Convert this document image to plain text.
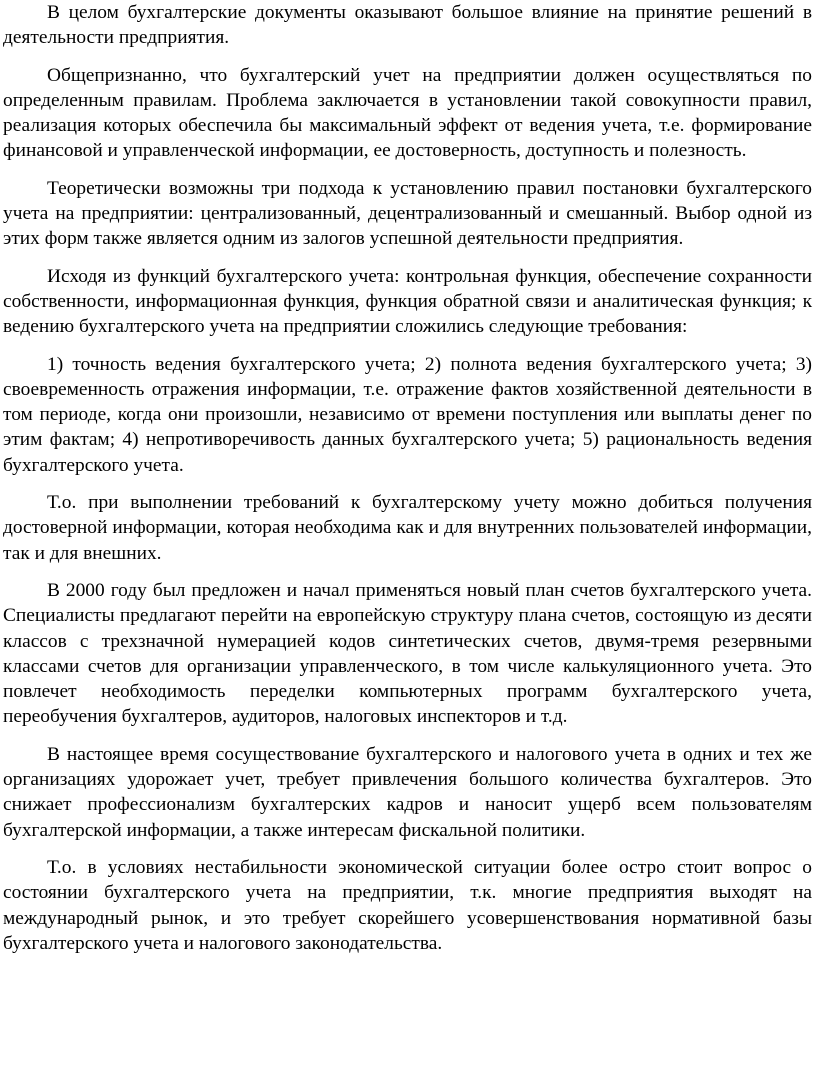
В целом бухгалтерские документы оказывают большое влияние на принятие решений в деятельности предприятия.

Общепризнанно, что бухгалтерский учет на предприятии должен осуществляться по определенным правилам. Проблема заключается в установлении такой совокупности правил, реализация которых обеспечила бы максимальный эффект от ведения учета, т.е. формирование финансовой и управленческой информации, ее достоверность, доступность и полезность.

Теоретически возможны три подхода к установлению правил постановки бухгалтерского учета на предприятии: централизованный, децентрализованный и смешанный. Выбор одной из этих форм также является одним из залогов успешной деятельности предприятия.

Исходя из функций бухгалтерского учета: контрольная функция, обеспечение сохранности собственности, информационная функция, функция обратной связи и аналитическая функция; к ведению бухгалтерского учета на предприятии сложились следующие требования:

1) точность ведения бухгалтерского учета; 2) полнота ведения бухгалтерского учета; 3) своевременность отражения информации, т.е. отражение фактов хозяйственной деятельности в том периоде, когда они произошли, независимо от времени поступления или выплаты денег по этим фактам; 4) непротиворечивость данных бухгалтерского учета; 5) рациональность ведения бухгалтерского учета.

Т.о. при выполнении требований к бухгалтерскому учету можно добиться получения достоверной информации, которая необходима как и для внутренних пользователей информации, так и для внешних.

В 2000 году был предложен и начал применяться новый план счетов бухгалтерского учета. Специалисты предлагают перейти на европейскую структуру плана счетов, состоящую из десяти классов с трехзначной нумерацией кодов синтетических счетов, двумя-тремя резервными классами счетов для организации управленческого, в том числе калькуляционного учета. Это повлечет необходимость переделки компьютерных программ бухгалтерского учета, переобучения бухгалтеров, аудиторов, налоговых инспекторов и т.д.

В настоящее время сосуществование бухгалтерского и налогового учета в одних и тех же организациях удорожает учет, требует привлечения большого количества бухгалтеров. Это снижает профессионализм бухгалтерских кадров и наносит ущерб всем пользователям бухгалтерской информации, а также интересам фискальной политики.

Т.о. в условиях нестабильности экономической ситуации более остро стоит вопрос о состоянии бухгалтерского учета на предприятии, т.к. многие предприятия выходят на международный рынок, и это требует скорейшего усовершенствования нормативной базы бухгалтерского учета и налогового законодательства.
